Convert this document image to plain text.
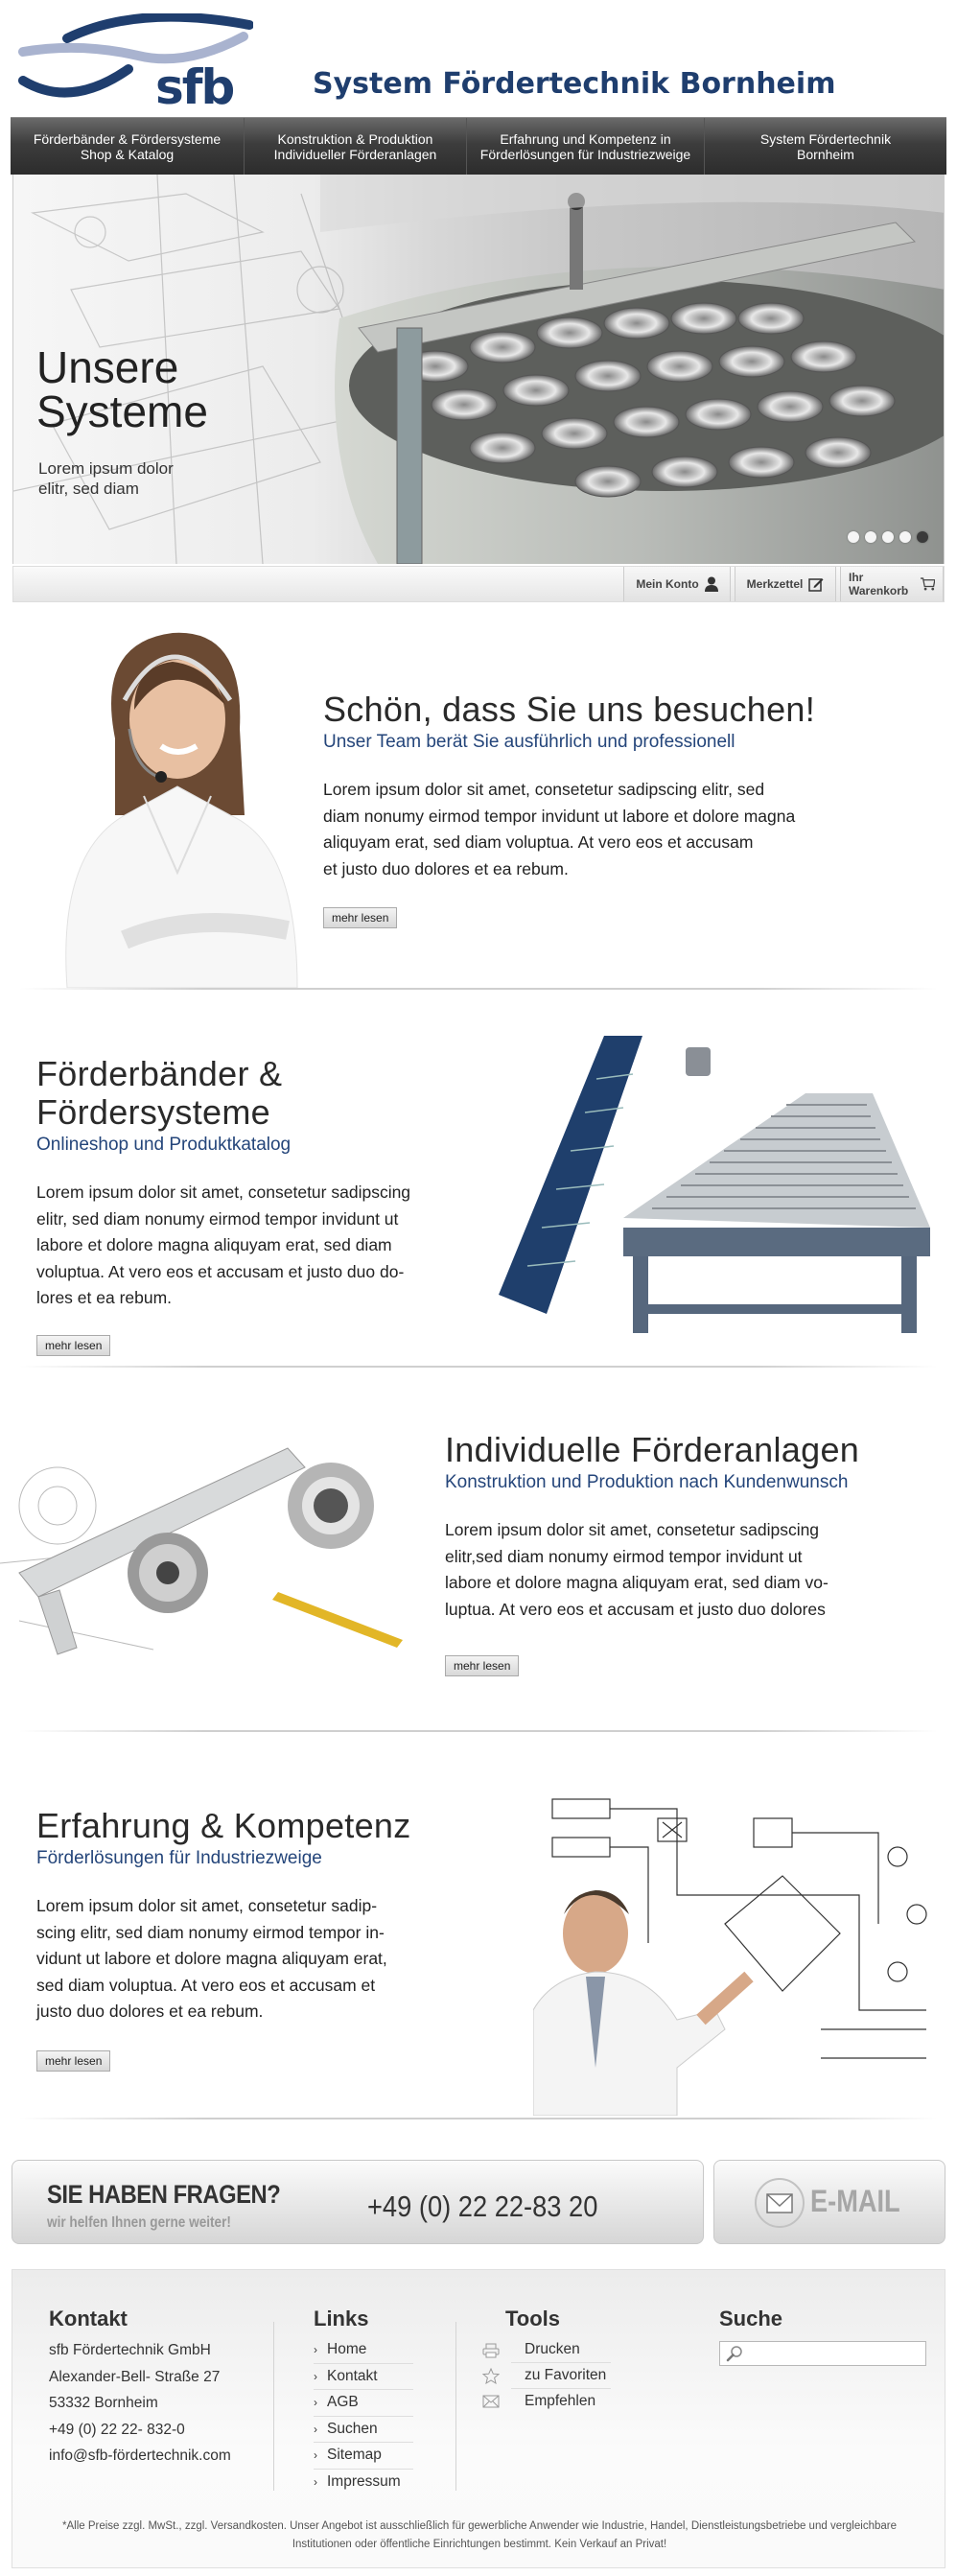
sfb	System Fördertechnik Bornheim
Förderbänder & Fördersysteme
Shop & Katalog
Konstruktion & Produktion
Individueller Förderanlagen
Erfahrung und Kompetenz in
Förderlösungen für Industriezweige
System Fördertechnik
Bornheim
Unsere
Systeme
Lorem ipsum dolor
elitr, sed diam
Mein Konto	Merkzettel	Ihr Warenkorb
Schön, dass Sie uns besuchen!
Unser Team berät Sie ausführlich und professionell
Lorem ipsum dolor sit amet, consetetur sadipscing elitr, sed
diam nonumy eirmod tempor invidunt ut labore et dolore magna
aliquyam erat, sed diam voluptua. At vero eos et accusam
et justo duo dolores et ea rebum.
mehr lesen
Förderbänder & Fördersysteme
Onlineshop und Produktkatalog
Lorem ipsum dolor sit amet, consetetur sadipscing
elitr, sed diam nonumy eirmod tempor invidunt ut
labore et dolore magna aliquyam erat, sed diam
voluptua. At vero eos et accusam et justo duo do-
lores et ea rebum.
mehr lesen
Individuelle Förderanlagen
Konstruktion und Produktion nach Kundenwunsch
Lorem ipsum dolor sit amet, consetetur sadipscing
elitr,sed diam nonumy eirmod tempor invidunt ut
labore et dolore magna aliquyam erat, sed diam vo-
luptua. At vero eos et accusam et justo duo dolores
mehr lesen
Erfahrung & Kompetenz
Förderlösungen für Industriezweige
Lorem ipsum dolor sit amet, consetetur sadip-
scing elitr, sed diam nonumy eirmod tempor in-
vidunt ut labore et dolore magna aliquyam erat,
sed diam voluptua. At vero eos et accusam et
justo duo dolores et ea rebum.
mehr lesen
SIE HABEN FRAGEN?
wir helfen Ihnen gerne weiter!	+49 (0) 22 22-83 20	E-MAIL
Kontakt
sfb Fördertechnik GmbH
Alexander-Bell- Straße 27
53332 Bornheim
+49 (0) 22 22- 832-0
info@sfb-fördertechnik.com
Links
› Home
› Kontakt
› AGB
› Suchen
› Sitemap
› Impressum
Tools
Drucken
zu Favoriten
Empfehlen
Suche
*Alle Preise zzgl. MwSt., zzgl. Versandkosten. Unser Angebot ist ausschließlich für gewerbliche Anwender wie Industrie, Handel, Dienstleistungsbetriebe und vergleichbare
Institutionen oder öffentliche Einrichtungen bestimmt. Kein Verkauf an Privat!
